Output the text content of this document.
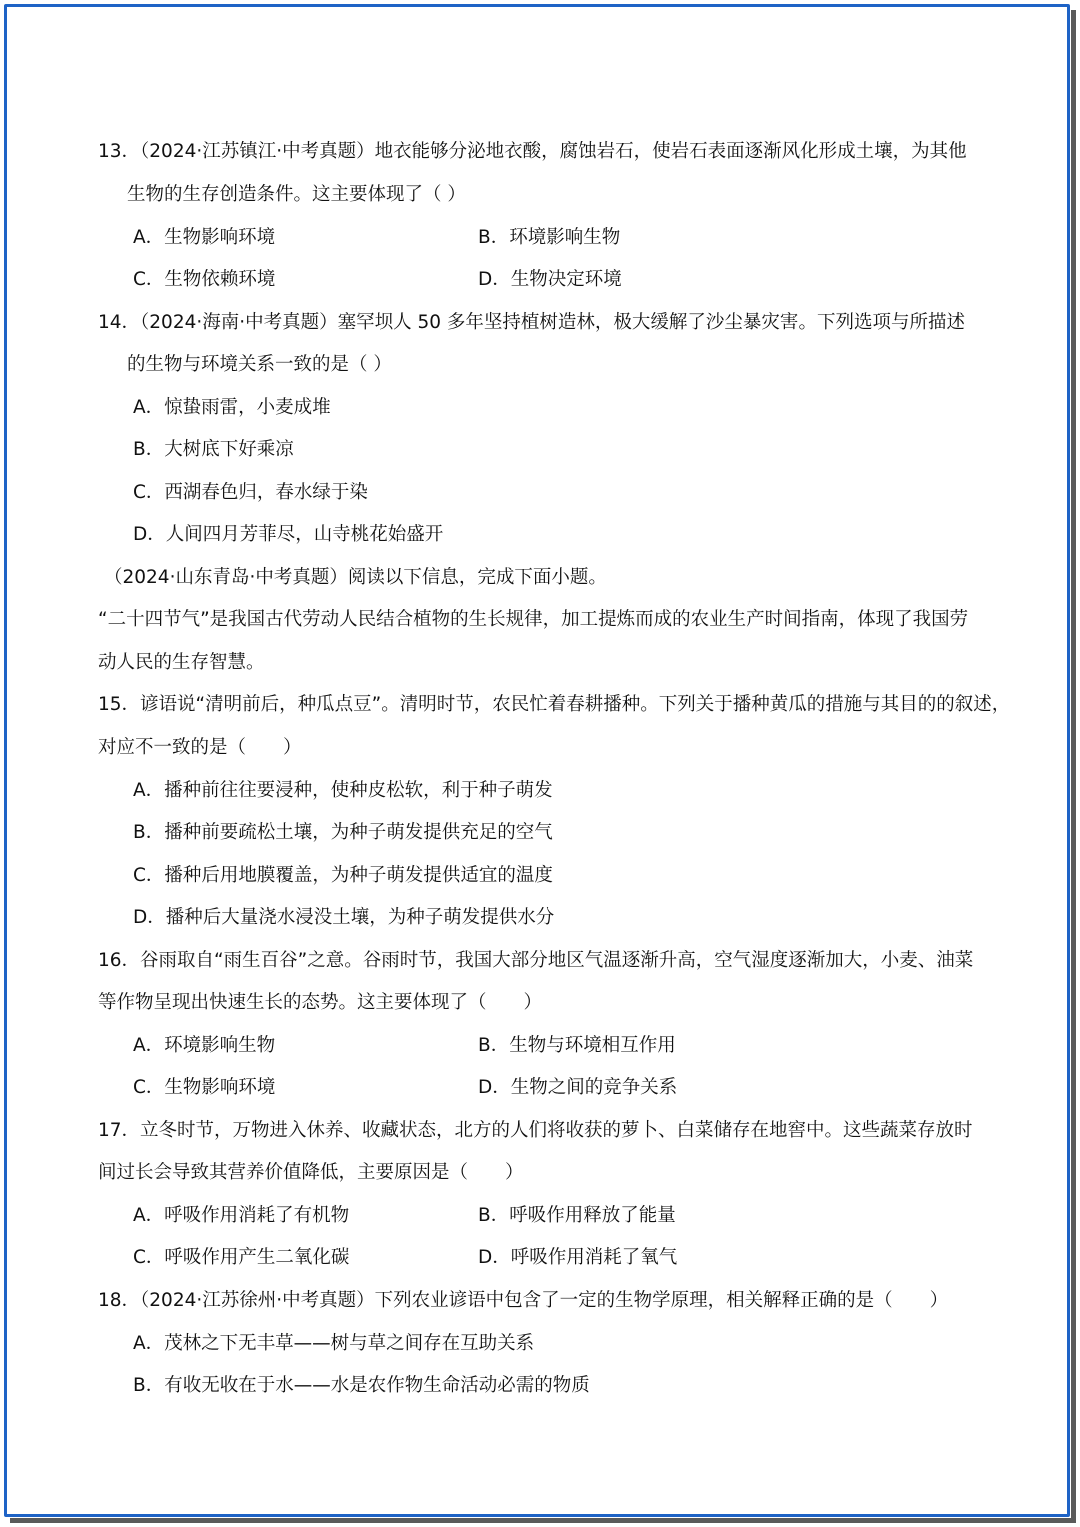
13．（2024·江苏镇江·中考真题）地衣能够分泌地衣酸，腐蚀岩石，使岩石表面逐渐风化形成土壤，为其他
生物的生存创造条件。这主要体现了（ ）
A．生物影响环境	B．环境影响生物
C．生物依赖环境	D．生物决定环境
14．（2024·海南·中考真题）塞罕坝人 50 多年坚持植树造林，极大缓解了沙尘暴灾害。下列选项与所描述
的生物与环境关系一致的是（ ）
A．惊蛰雨雷，小麦成堆
B．大树底下好乘凉
C．西湖春色归，春水绿于染
D．人间四月芳菲尽，山寺桃花始盛开
（2024·山东青岛·中考真题）阅读以下信息，完成下面小题。
“二十四节气”是我国古代劳动人民结合植物的生长规律，加工提炼而成的农业生产时间指南，体现了我国劳
动人民的生存智慧。
15．谚语说“清明前后，种瓜点豆”。清明时节，农民忙着春耕播种。下列关于播种黄瓜的措施与其目的的叙述，
对应不一致的是（　　）
A．播种前往往要浸种，使种皮松软，利于种子萌发
B．播种前要疏松土壤，为种子萌发提供充足的空气
C．播种后用地膜覆盖，为种子萌发提供适宜的温度
D．播种后大量浇水浸没土壤，为种子萌发提供水分
16．谷雨取自“雨生百谷”之意。谷雨时节，我国大部分地区气温逐渐升高，空气湿度逐渐加大，小麦、油菜
等作物呈现出快速生长的态势。这主要体现了（　　）
A．环境影响生物	B．生物与环境相互作用
C．生物影响环境	D．生物之间的竞争关系
17．立冬时节，万物进入休养、收藏状态，北方的人们将收获的萝卜、白菜储存在地窖中。这些蔬菜存放时
间过长会导致其营养价值降低，主要原因是（　　）
A．呼吸作用消耗了有机物	B．呼吸作用释放了能量
C．呼吸作用产生二氧化碳	D．呼吸作用消耗了氧气
18．（2024·江苏徐州·中考真题）下列农业谚语中包含了一定的生物学原理，相关解释正确的是（　　）
A．茂林之下无丰草——树与草之间存在互助关系
B．有收无收在于水——水是农作物生命活动必需的物质
